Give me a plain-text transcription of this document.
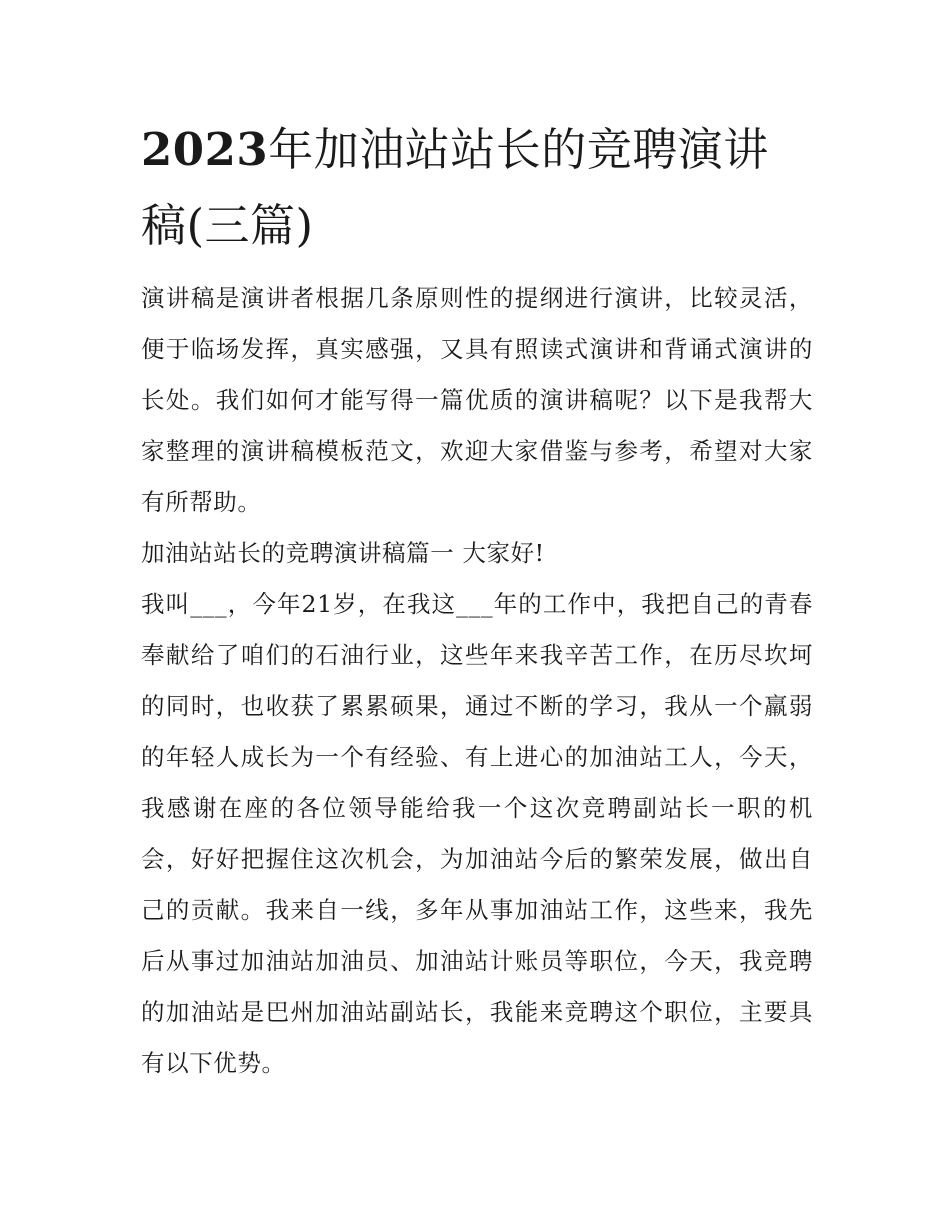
2023年加油站站长的竞聘演讲稿(三篇)

演讲稿是演讲者根据几条原则性的提纲进行演讲，比较灵活，便于临场发挥，真实感强，又具有照读式演讲和背诵式演讲的长处。我们如何才能写得一篇优质的演讲稿呢？以下是我帮大家整理的演讲稿模板范文，欢迎大家借鉴与参考，希望对大家有所帮助。

加油站站长的竞聘演讲稿篇一 大家好!

我叫___，今年21岁，在我这___年的工作中，我把自己的青春奉献给了咱们的石油行业，这些年来我辛苦工作，在历尽坎坷的同时，也收获了累累硕果，通过不断的学习，我从一个羸弱的年轻人成长为一个有经验、有上进心的加油站工人，今天，我感谢在座的各位领导能给我一个这次竞聘副站长一职的机会，好好把握住这次机会，为加油站今后的繁荣发展，做出自己的贡献。我来自一线，多年从事加油站工作，这些来，我先后从事过加油站加油员、加油站计账员等职位，今天，我竞聘的加油站是巴州加油站副站长，我能来竞聘这个职位，主要具有以下优势。
